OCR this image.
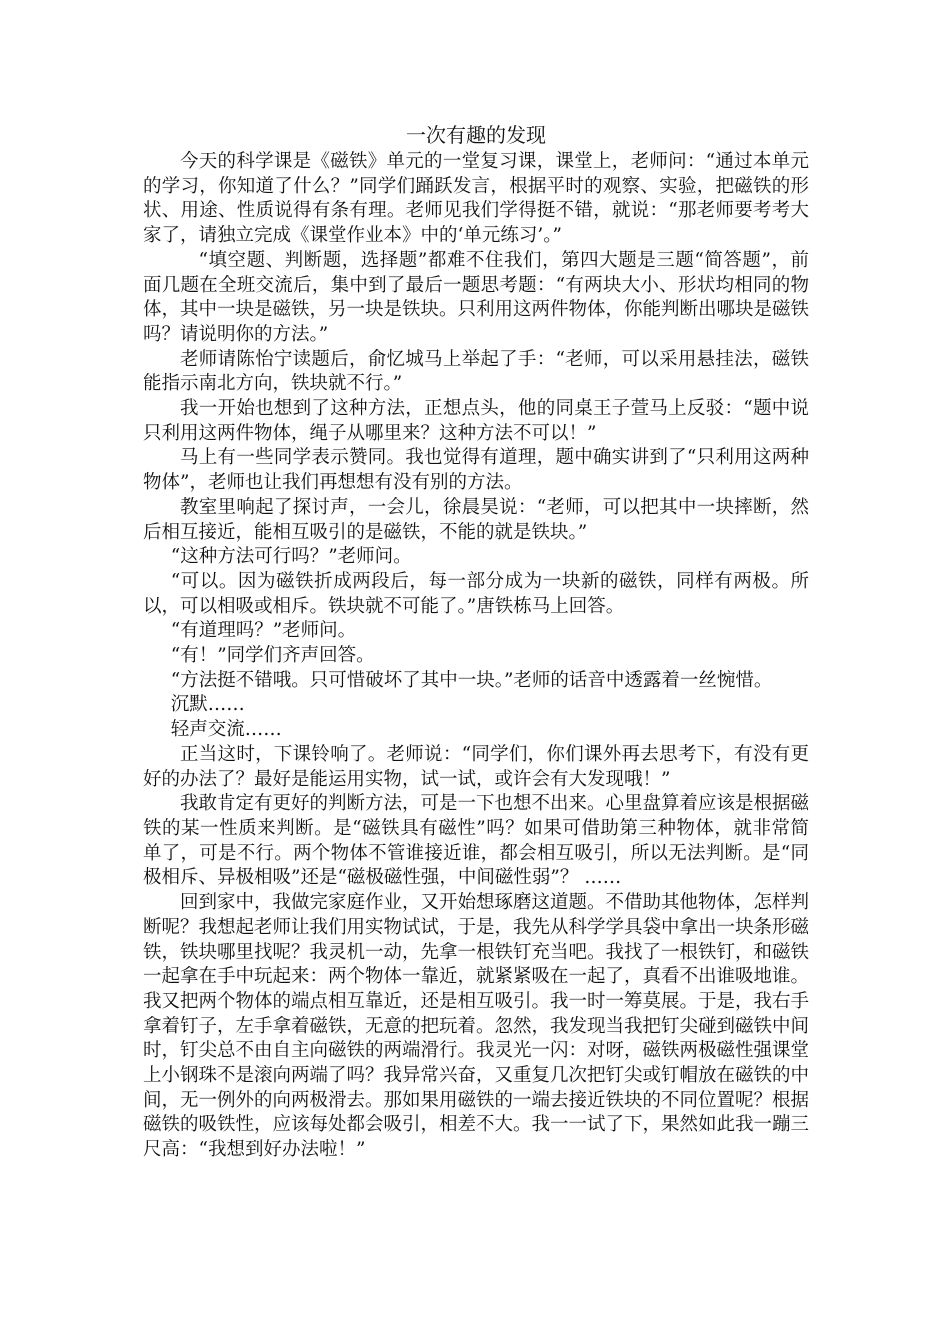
一次有趣的发现

今天的科学课是《磁铁》单元的一堂复习课，课堂上，老师问：“通过本单元的学习，你知道了什么？”同学们踊跃发言，根据平时的观察、实验，把磁铁的形状、用途、性质说得有条有理。老师见我们学得挺不错，就说：“那老师要考考大家了，请独立完成《课堂作业本》中的‘单元练习’。”

“填空题、判断题，选择题”都难不住我们，第四大题是三题“简答题”，前面几题在全班交流后，集中到了最后一题思考题：“有两块大小、形状均相同的物体，其中一块是磁铁，另一块是铁块。只利用这两件物体，你能判断出哪块是磁铁吗？请说明你的方法。”

老师请陈怡宁读题后，俞忆城马上举起了手：“老师，可以采用悬挂法，磁铁能指示南北方向，铁块就不行。”

我一开始也想到了这种方法，正想点头，他的同桌王子萱马上反驳：“题中说只利用这两件物体，绳子从哪里来？这种方法不可以！”

马上有一些同学表示赞同。我也觉得有道理，题中确实讲到了“只利用这两种物体”，老师也让我们再想想有没有别的方法。

教室里响起了探讨声，一会儿，徐晨昊说：“老师，可以把其中一块摔断，然后相互接近，能相互吸引的是磁铁，不能的就是铁块。”

“这种方法可行吗？”老师问。

“可以。因为磁铁折成两段后，每一部分成为一块新的磁铁，同样有两极。所以，可以相吸或相斥。铁块就不可能了。”唐铁栋马上回答。

“有道理吗？”老师问。

“有！”同学们齐声回答。

“方法挺不错哦。只可惜破坏了其中一块。”老师的话音中透露着一丝惋惜。

沉默……

轻声交流……

正当这时，下课铃响了。老师说：“同学们，你们课外再去思考下，有没有更好的办法了？最好是能运用实物，试一试，或许会有大发现哦！”

我敢肯定有更好的判断方法，可是一下也想不出来。心里盘算着应该是根据磁铁的某一性质来判断。是“磁铁具有磁性”吗？如果可借助第三种物体，就非常简单了，可是不行。两个物体不管谁接近谁，都会相互吸引，所以无法判断。是“同极相斥、异极相吸”还是“磁极磁性强，中间磁性弱”？ ……

回到家中，我做完家庭作业，又开始想琢磨这道题。不借助其他物体，怎样判断呢？我想起老师让我们用实物试试，于是，我先从科学学具袋中拿出一块条形磁铁，铁块哪里找呢？我灵机一动，先拿一根铁钉充当吧。我找了一根铁钉，和磁铁一起拿在手中玩起来：两个物体一靠近，就紧紧吸在一起了，真看不出谁吸地谁。我又把两个物体的端点相互靠近，还是相互吸引。我一时一筹莫展。于是，我右手拿着钉子，左手拿着磁铁，无意的把玩着。忽然，我发现当我把钉尖碰到磁铁中间时，钉尖总不由自主向磁铁的两端滑行。我灵光一闪：对呀，磁铁两极磁性强课堂上小钢珠不是滚向两端了吗？我异常兴奋，又重复几次把钉尖或钉帽放在磁铁的中间，无一例外的向两极滑去。那如果用磁铁的一端去接近铁块的不同位置呢？根据磁铁的吸铁性，应该每处都会吸引，相差不大。我一一试了下，果然如此我一蹦三尺高：“我想到好办法啦！”
